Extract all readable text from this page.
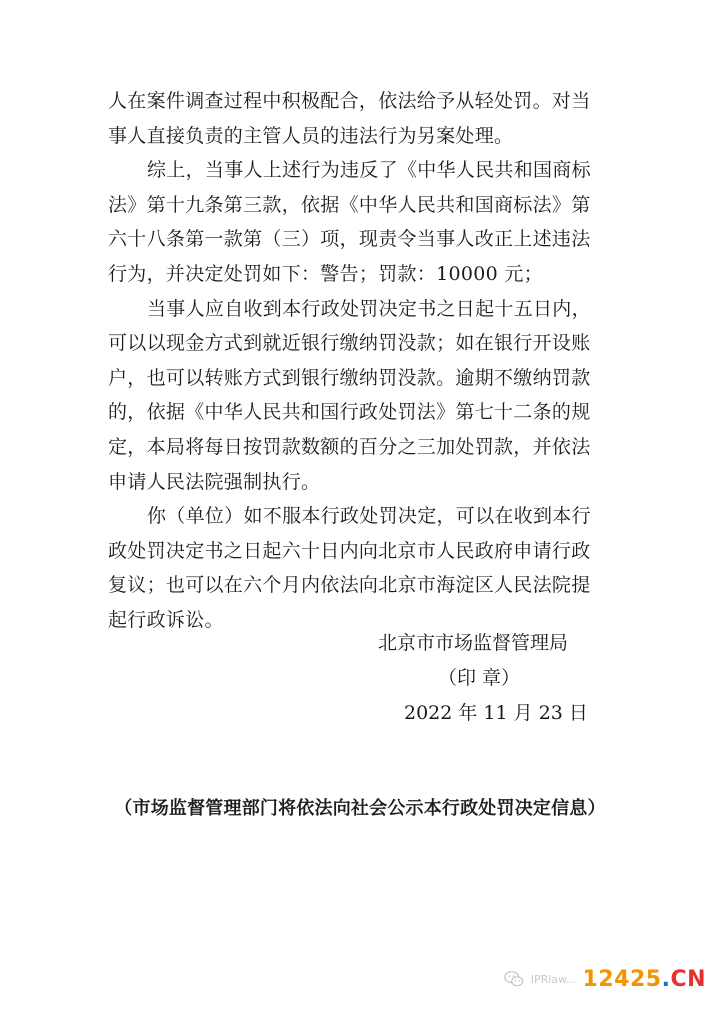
人在案件调查过程中积极配合，依法给予从轻处罚。对当
事人直接负责的主管人员的违法行为另案处理。
综上，当事人上述行为违反了《中华人民共和国商标
法》第十九条第三款，依据《中华人民共和国商标法》第
六十八条第一款第（三）项，现责令当事人改正上述违法
行为，并决定处罚如下：警告；罚款：10000 元；
当事人应自收到本行政处罚决定书之日起十五日内，
可以以现金方式到就近银行缴纳罚没款；如在银行开设账
户，也可以转账方式到银行缴纳罚没款。逾期不缴纳罚款
的，依据《中华人民共和国行政处罚法》第七十二条的规
定，本局将每日按罚款数额的百分之三加处罚款，并依法
申请人民法院强制执行。
你（单位）如不服本行政处罚决定，可以在收到本行
政处罚决定书之日起六十日内向北京市人民政府申请行政
复议；也可以在六个月内依法向北京市海淀区人民法院提
起行政诉讼。
北京市市场监督管理局
（印 章）
2022 年 11 月 23 日
（市场监督管理部门将依法向社会公示本行政处罚决定信息）
IPRlaw... 12425.CN
